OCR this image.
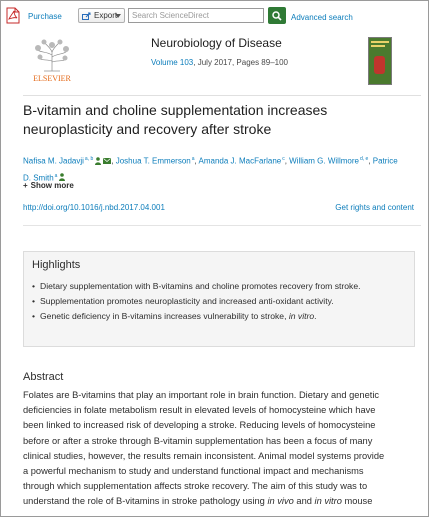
Purchase	Export
Search ScienceDirect	Advanced search
ELSEVIER
Neurobiology of Disease
Volume 103, July 2017, Pages 89–100
B-vitamin and choline supplementation increases neuroplasticity and recovery after stroke
Nafisa M. Jadavji$^{a, b}$ , Joshua T. Emmerson$^a$, Amanda J. MacFarlane$^c$, William G. Willmore$^{d, e}$, Patrice D. Smith$^a$
+ Show more
http://doi.org/10.1016/j.nbd.2017.04.001	Get rights and content
Highlights
• Dietary supplementation with B-vitamins and choline promotes recovery from stroke.
• Supplementation promotes neuroplasticity and increased anti-oxidant activity.
• Genetic deficiency in B-vitamins increases vulnerability to stroke, in vitro.
Abstract

Folates are B-vitamins that play an important role in brain function. Dietary and genetic

deficiencies in folate metabolism result in elevated levels of homocysteine which have

been linked to increased risk of developing a stroke. Reducing levels of homocysteine

before or after a stroke through B-vitamin supplementation has been a focus of many

clinical studies, however, the results remain inconsistent. Animal model systems provide

a powerful mechanism to study and understand functional impact and mechanisms

through which supplementation affects stroke recovery. The aim of this study was to

understand the role of B-vitamins in stroke pathology using in vivo and in vitro mouse
